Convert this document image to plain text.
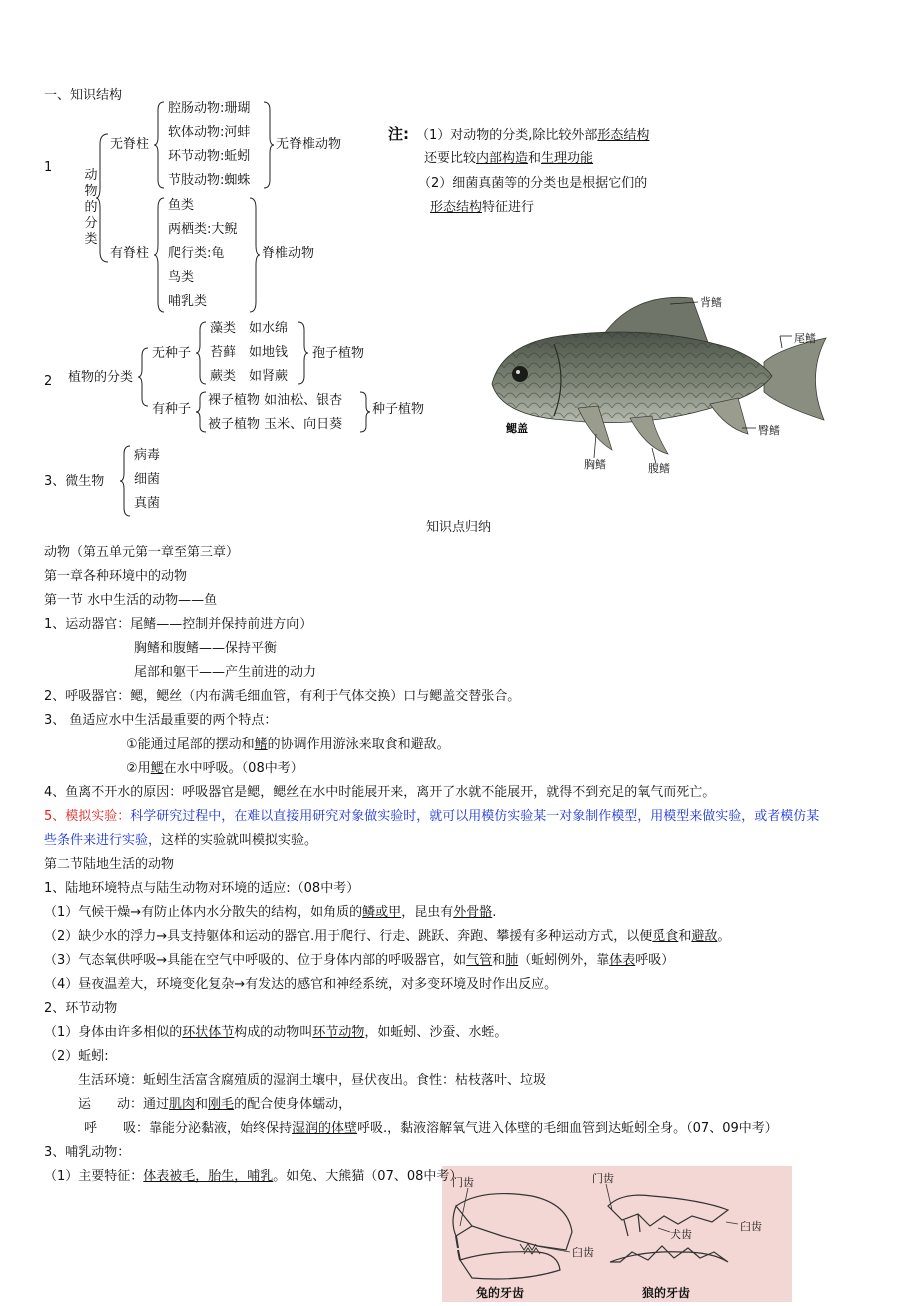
一、知识结构
1
动
物
的
分
类
无脊柱
腔肠动物:珊瑚
软体动物:河蚌
环节动物:蚯蚓
节肢动物:蜘蛛
无脊椎动物
有脊柱
鱼类
两栖类:大鲵
爬行类:龟
鸟类
哺乳类
脊椎动物
注: （1）对动物的分类,除比较外部形态结构
还要比较内部构造和生理功能
（2）细菌真菌等的分类也是根据它们的
形态结构特征进行
2 植物的分类
无种子
藻类　如水绵
苔藓　如地钱
蕨类　如肾蕨
孢子植物
有种子
裸子植物 如油松、银杏
被子植物 玉米、向日葵
种子植物
3、微生物
病毒
细菌
真菌
背鳍
尾鳍
鳃盖	臀鳍
胸鳍	腹鳍
知识点归纳
动物（第五单元第一章至第三章）
第一章各种环境中的动物
第一节 水中生活的动物——鱼
1、运动器官：尾鳍——控制并保持前进方向）
胸鳍和腹鳍——保持平衡
尾部和躯干——产生前进的动力
2、呼吸器官：鳃，鳃丝（内布满毛细血管，有利于气体交换）口与鳃盖交替张合。
3、 鱼适应水中生活最重要的两个特点：
①能通过尾部的摆动和鳍的协调作用游泳来取食和避敌。
②用鳃在水中呼吸。（08中考）
4、鱼离不开水的原因：呼吸器官是鳃，鳃丝在水中时能展开来，离开了水就不能展开，就得不到充足的氧气而死亡。
5、模拟实验：科学研究过程中，在难以直接用研究对象做实验时，就可以用模仿实验某一对象制作模型，用模型来做实验，或者模仿某
些条件来进行实验，这样的实验就叫模拟实验。
第二节陆地生活的动物
1、陆地环境特点与陆生动物对环境的适应:（08中考）
（1）气候干燥→有防止体内水分散失的结构，如角质的鳞或甲，昆虫有外骨骼.
（2）缺少水的浮力→具支持躯体和运动的器官.用于爬行、行走、跳跃、奔跑、攀援有多种运动方式，以便觅食和避敌。
（3）气态氧供呼吸→具能在空气中呼吸的、位于身体内部的呼吸器官，如气管和肺（蚯蚓例外，靠体表呼吸）
（4）昼夜温差大，环境变化复杂→有发达的感官和神经系统，对多变环境及时作出反应。
2、环节动物
（1）身体由许多相似的环状体节构成的动物叫环节动物，如蚯蚓、沙蚕、水蛭。
（2）蚯蚓:
生活环境：蚯蚓生活富含腐殖质的湿润土壤中，昼伏夜出。食性：枯枝落叶、垃圾
运　　动：通过肌肉和刚毛的配合使身体蠕动，
呼　　吸：靠能分泌黏液，始终保持湿润的体壁呼吸.，黏液溶解氧气进入体壁的毛细血管到达蚯蚓全身。（07、09中考）
3、哺乳动物：
门齿
臼齿
兔的牙齿
门齿
犬齿
臼齿
狼的牙齿
（1）主要特征：体表被毛，胎生，哺乳。如兔、大熊猫（07、08中考）
